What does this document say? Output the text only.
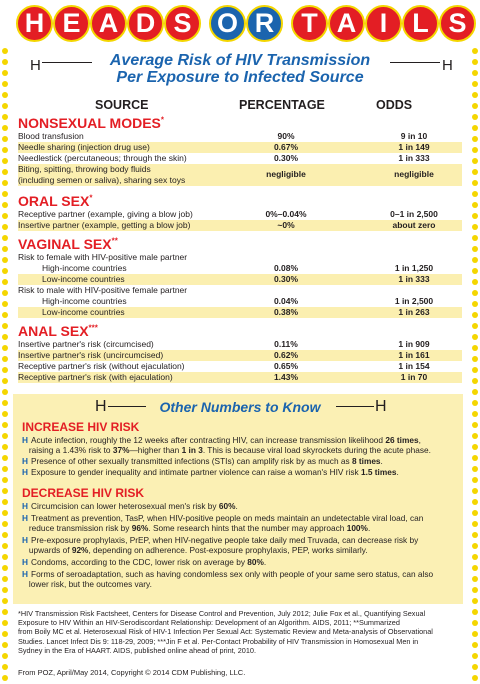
H E A D S O R	T A I L S
H	H
Average Risk of HIV Transmission
Per Exposure to Infected Source
SOURCE	PERCENTAGE	ODDS
NONSEXUAL MODES*
Blood transfusion	90%	9 in 10
Needle sharing (injection drug use)	0.67%	1 in 149
Needlestick (percutaneous; through the skin)	0.30%	1 in 333
Biting, spitting, throwing body fluids
(including semen or saliva), sharing sex toys
negligible	negligible
ORAL SEX*
Receptive partner (example, giving a blow job)	0%–0.04%	0–1 in 2,500
Insertive partner (example, getting a blow job)	~0%	about zero
VAGINAL SEX**
Risk to female with HIV-positive male partner
High-income countries	0.08%	1 in 1,250
Low-income countries	0.30%	1 in 333
Risk to male with HIV-positive female partner
High-income countries	0.04%	1 in 2,500
Low-income countries	0.38%	1 in 263
ANAL SEX***
Insertive partner's risk (circumcised)	0.11%	1 in 909
Insertive partner's risk (uncircumcised)	0.62%	1 in 161
Receptive partner's risk (without ejaculation)	0.65%	1 in 154
Receptive partner's risk (with ejaculation)	1.43%	1 in 70
H	H
Other Numbers to Know
INCREASE HIV RISK
H Acute infection, roughly the 12 weeks after contracting HIV, can increase transmission likelihood 26 times,
raising a 1.43% risk to 37%—higher than 1 in 3. This is because viral load skyrockets during the acute phase.
H Presence of other sexually transmitted infections (STIs) can amplify risk by as much as 8 times.
H Exposure to gender inequality and intimate partner violence can raise a woman's HIV risk 1.5 times.
DECREASE HIV RISK
H Circumcision can lower heterosexual men's risk by 60%.
H Treatment as prevention, TasP, when HIV-positive people on meds maintain an undetectable viral load, can
reduce transmission risk by 96%. Some research hints that the number may approach 100%.
H Pre-exposure prophylaxis, PrEP, when HIV-negative people take daily med Truvada, can decrease risk by
upwards of 92%, depending on adherence. Post-exposure prophylaxis, PEP, works similarly.
H Condoms, according to the CDC, lower risk on average by 80%.
H Forms of seroadaptation, such as having condomless sex only with people of your same sero status, can also
lower risk, but the outcomes vary.
*HIV Transmission Risk Factsheet, Centers for Disease Control and Prevention, July 2012; Julie Fox et al., Quantifying Sexual
Exposure to HIV Within an HIV-Serodiscordant Relationship: Development of an Algorithm. AIDS, 2011; **Summarized
from Boily MC et al. Heterosexual Risk of HIV-1 Infection Per Sexual Act: Systematic Review and Meta-analysis of Observational
Studies. Lancet Infect Dis 9: 118-29, 2009; ***Jin F et al. Per-Contact Probability of HIV Transmission in Homosexual Men in
Sydney in the Era of HAART. AIDS, published online ahead of print, 2010.
From POZ, April/May 2014, Copyright © 2014 CDM Publishing, LLC.
